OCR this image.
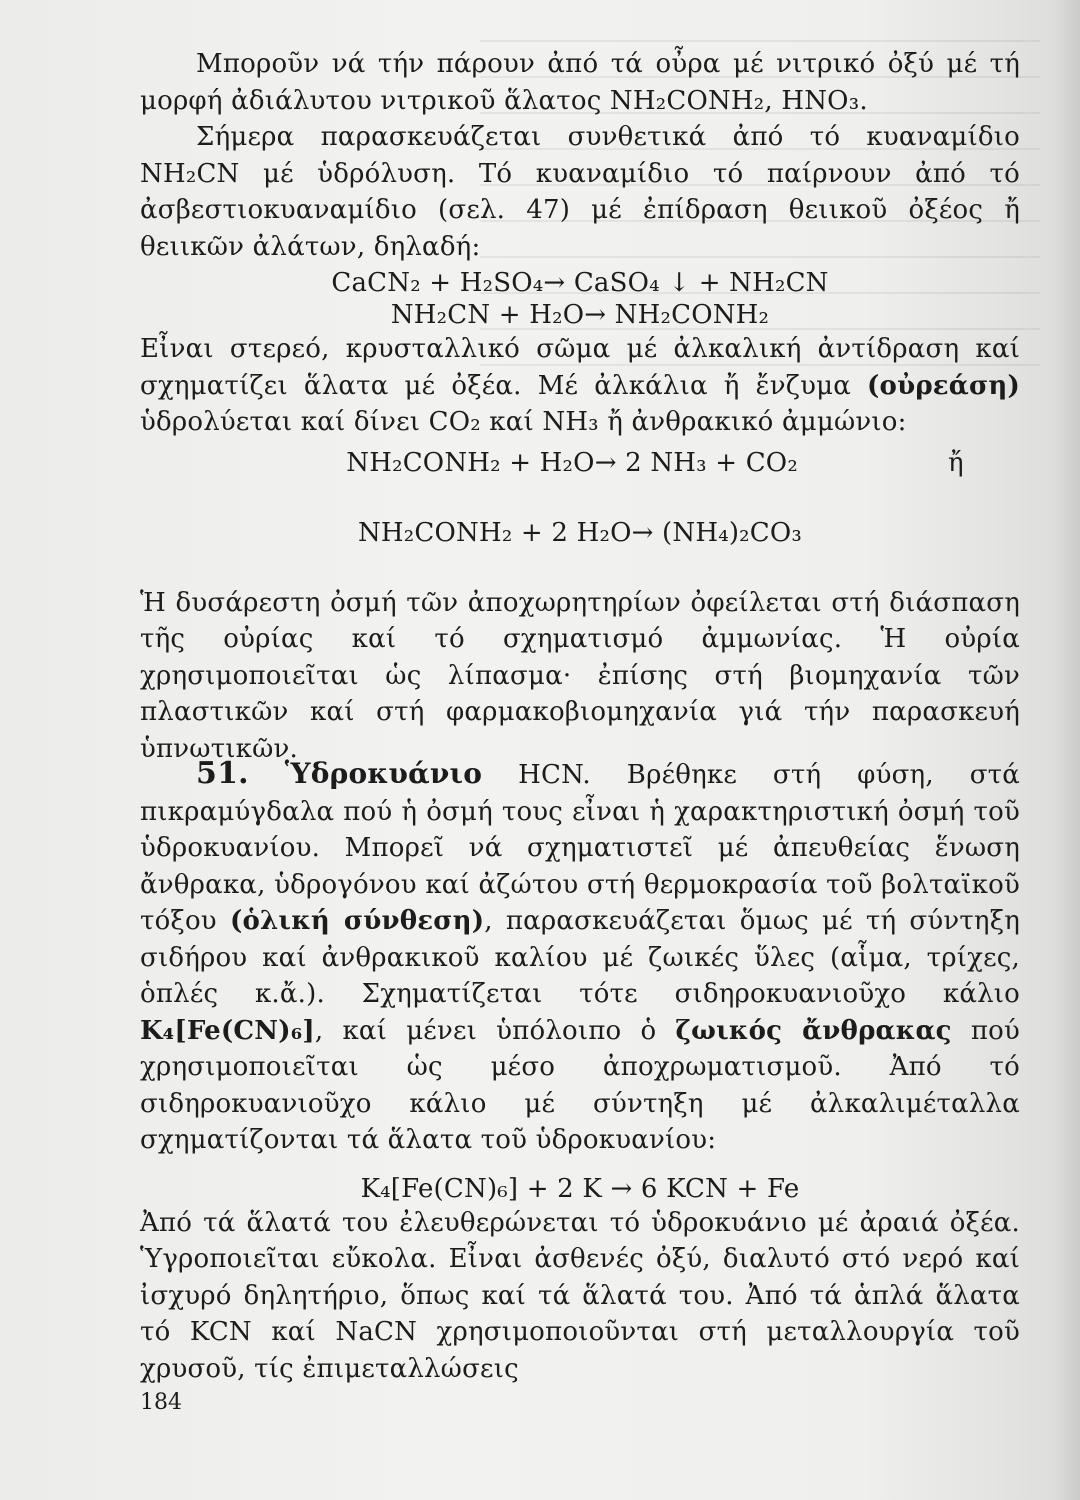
Μποροῦν νά τήν πάρουν ἀπό τά οὖρα μέ νιτρικό ὀξύ μέ τή μορφή ἀδιάλυτου νιτρικοῦ ἅλατος NH₂CONH₂, HNO₃.

Σήμερα παρασκευάζεται συνθετικά ἀπό τό κυαναμίδιο NH₂CN μέ ὑδρόλυση. Τό κυαναμίδιο τό παίρνουν ἀπό τό ἀσβεστιοκυαναμίδιο (σελ. 47) μέ ἐπίδραση θειικοῦ ὀξέος ἤ θειικῶν ἀλάτων, δηλαδή:

CaCN₂ + H₂SO₄→ CaSO₄ ↓ + NH₂CN

NH₂CN + H₂O→ NH₂CONH₂

Εἶναι στερεό, κρυσταλλικό σῶμα μέ ἀλκαλική ἀντίδραση καί σχηματίζει ἅλατα μέ ὀξέα. Μέ ἀλκάλια ἤ ἔνζυμα (οὐρεάση) ὑδρολύεται καί δίνει CO₂ καί NH₃ ἤ ἀνθρακικό ἀμμώνιο:

NH₂CONH₂ + H₂O→ 2 NH₃ + CO₂	ἤ

NH₂CONH₂ + 2 H₂O→ (NH₄)₂CO₃

Ἡ δυσάρεστη ὀσμή τῶν ἀποχωρητηρίων ὀφείλεται στή διάσπαση τῆς οὐρίας καί τό σχηματισμό ἀμμωνίας. Ἡ οὐρία χρησιμοποιεῖται ὡς λίπασμα· ἐπίσης στή βιομηχανία τῶν πλαστικῶν καί στή φαρμακοβιομηχανία γιά τήν παρασκευή ὑπνωτικῶν.

51. Ὑδροκυάνιο HCN. Βρέθηκε στή φύση, στά πικραμύγδαλα πού ἡ ὀσμή τους εἶναι ἡ χαρακτηριστική ὀσμή τοῦ ὑδροκυανίου. Μπορεῖ νά σχηματιστεῖ μέ ἀπευθείας ἕνωση ἄνθρακα, ὑδρογόνου καί ἀζώτου στή θερμοκρασία τοῦ βολταϊκοῦ τόξου (ὁλική σύνθεση), παρασκευάζεται ὅμως μέ τή σύντηξη σιδήρου καί ἀνθρακικοῦ καλίου μέ ζωικές ὕλες (αἷμα, τρίχες, ὁπλές κ.ἄ.). Σχηματίζεται τότε σιδηροκυανιοῦχο κάλιο K₄[Fe(CN)₆], καί μένει ὑπόλοιπο ὁ ζωικός ἄνθρακας πού χρησιμοποιεῖται ὡς μέσο ἀποχρωματισμοῦ. Ἀπό τό σιδηροκυανιοῦχο κάλιο μέ σύντηξη μέ ἀλκαλιμέταλλα σχηματίζονται τά ἅλατα τοῦ ὑδροκυανίου:

K₄[Fe(CN)₆] + 2 K → 6 KCN + Fe

Ἀπό τά ἅλατά του ἐλευθερώνεται τό ὑδροκυάνιο μέ ἀραιά ὀξέα. Ὑγροποιεῖται εὔκολα. Εἶναι ἀσθενές ὀξύ, διαλυτό στό νερό καί ἰσχυρό δηλητήριο, ὅπως καί τά ἅλατά του. Ἀπό τά ἁπλά ἅλατα τό KCN καί NaCN χρησιμοποιοῦνται στή μεταλλουργία τοῦ χρυσοῦ, τίς ἐπιμεταλλώσεις

184
